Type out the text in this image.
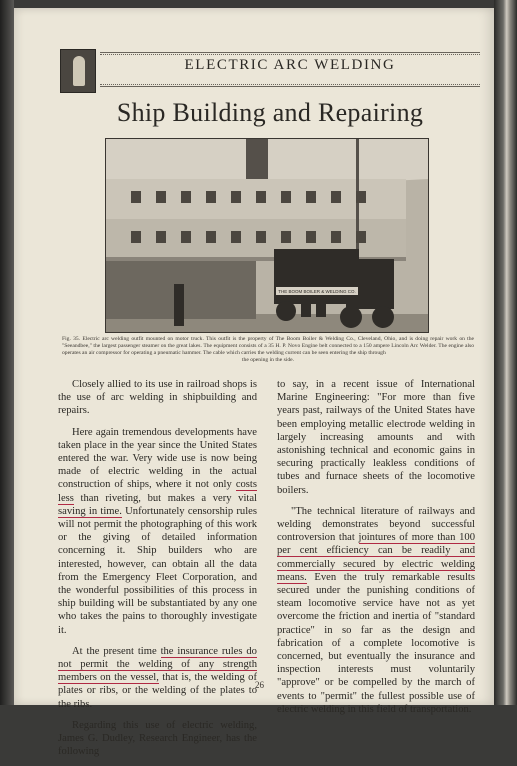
ELECTRIC ARC WELDING
Ship Building and Repairing
THE BOOM BOILER & WELDING CO.
Fig. 35. Electric arc welding outfit mounted on motor truck. This outfit is the property of The Boom Boiler & Welding Co., Cleveland, Ohio, and is doing repair work on the "Seeandbee," the largest passenger steamer on the great lakes. The equipment consists of a 35 H. P. Novo Engine belt connected to a 150 ampere Lincoln Arc Welder. The engine also operates an air compressor for operating a pneumatic hammer. The cable which carries the welding current can be seen entering the ship through
the opening in the side.

Closely allied to its use in railroad shops is the use of arc welding in shipbuilding and repairs.

Here again tremendous developments have taken place in the year since the United States entered the war. Very wide use is now being made of electric welding in the actual construction of ships, where it not only costs less than riveting, but makes a very vital saving in time. Unfortunately censorship rules will not permit the photographing of this work or the giving of detailed information concerning it. Ship builders who are interested, however, can obtain all the data from the Emergency Fleet Corporation, and the wonderful possibilities of this process in ship building will be substantiated by any one who takes the pains to thoroughly investigate it.

At the present time the insurance rules do not permit the welding of any strength members on the vessel, that is, the welding of plates or ribs, or the welding of the plates to the ribs.

Regarding this use of electric welding, James G. Dudley, Research Engineer, has the following

to say, in a recent issue of International Marine Engineering: "For more than five years past, railways of the United States have been employing metallic electrode welding in largely increasing amounts and with astonishing technical and economic gains in securing practically leakless conditions of tubes and furnace sheets of the locomotive boilers.

"The technical literature of railways and welding demonstrates beyond successful controversion that jointures of more than 100 per cent efficiency can be readily and commercially secured by electric welding means. Even the truly remarkable results secured under the punishing conditions of steam locomotive service have not as yet overcome the friction and inertia of "standard practice" in so far as the design and fabrication of a complete locomotive is concerned, but eventually the insurance and inspection interests must voluntarily "approve" or be compelled by the march of events to "permit" the fullest possible use of electric welding in this field of transportation.

26
